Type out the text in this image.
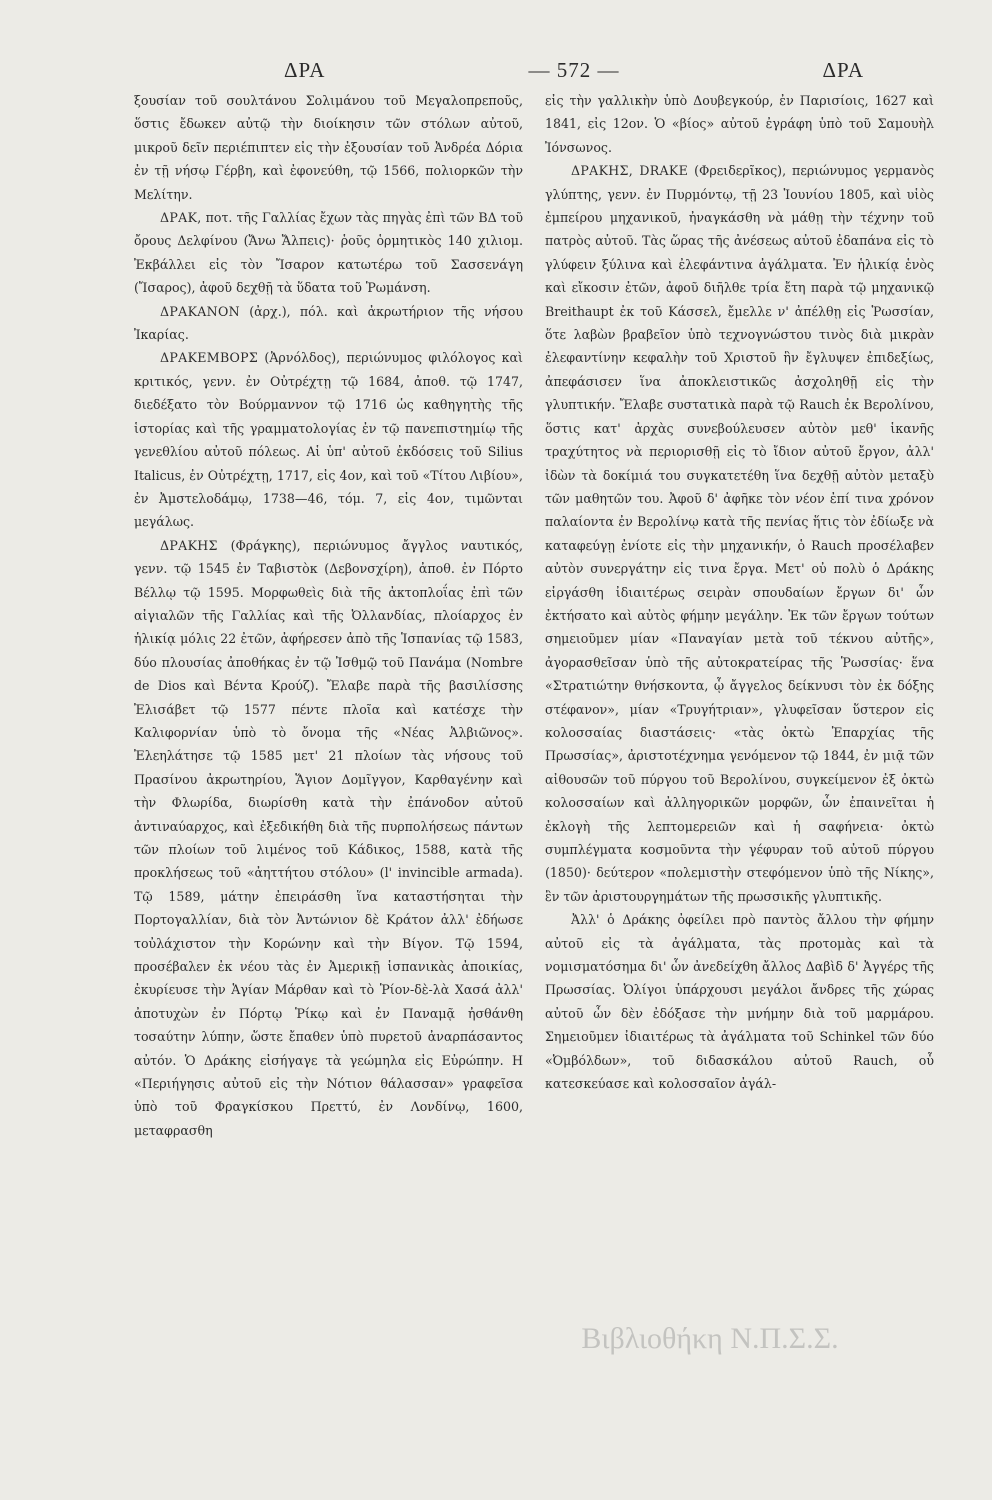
ΔΡΑ	— 572 —	ΔΡΑ

ξουσίαν τοῦ σουλτάνου Σολιμάνου τοῦ Μεγαλοπρεποῦς, ὅστις ἔδωκεν αὐτῷ τὴν διοίκησιν τῶν στόλων αὐτοῦ, μικροῦ δεῖν περιέπιπτεν εἰς τὴν ἐξουσίαν τοῦ Ἀνδρέα Δόρια ἐν τῇ νήσῳ Γέρβη, καὶ ἐφονεύθη, τῷ 1566, πολιορκῶν τὴν Μελίτην.

ΔΡΑΚ, ποτ. τῆς Γαλλίας ἔχων τὰς πηγὰς ἐπὶ τῶν ΒΔ τοῦ ὄρους Δελφίνου (Ἄνω Ἄλπεις)· ῥοῦς ὁρμητικὸς 140 χιλιομ. Ἐκβάλλει εἰς τὸν Ἴσαρον κατωτέρω τοῦ Σασσενάγη (Ἴσαρος), ἀφοῦ δεχθῇ τὰ ὕδατα τοῦ Ῥωμάνση.

ΔΡΑΚΑΝΟΝ (ἀρχ.), πόλ. καὶ ἀκρωτήριον τῆς νήσου Ἰκαρίας.

ΔΡΑΚΕΜΒΟΡΣ (Ἀρνόλδος), περιώνυμος φιλόλογος καὶ κριτικός, γενν. ἐν Οὐτρέχτῃ τῷ 1684, ἀποθ. τῷ 1747, διεδέξατο τὸν Βούρμαννον τῷ 1716 ὡς καθηγητὴς τῆς ἱστορίας καὶ τῆς γραμματολογίας ἐν τῷ πανεπιστημίῳ τῆς γενεθλίου αὐτοῦ πόλεως. Αἱ ὑπ' αὐτοῦ ἐκδόσεις τοῦ Silius Italicus, ἐν Οὐτρέχτῃ, 1717, εἰς 4ον, καὶ τοῦ «Τίτου Λιβίου», ἐν Ἀμστελοδάμῳ, 1738—46, τόμ. 7, εἰς 4ον, τιμῶνται μεγάλως.

ΔΡΑΚΗΣ (Φράγκης), περιώνυμος ἄγγλος ναυτικός, γενν. τῷ 1545 ἐν Ταβιστὸκ (Δεβονσχίρη), ἀποθ. ἐν Πόρτο Βέλλῳ τῷ 1595. Μορφωθεὶς διὰ τῆς ἀκτοπλοΐας ἐπὶ τῶν αἰγιαλῶν τῆς Γαλλίας καὶ τῆς Ὀλλανδίας, πλοίαρχος ἐν ἡλικίᾳ μόλις 22 ἐτῶν, ἀφήρεσεν ἀπὸ τῆς Ἱσπανίας τῷ 1583, δύο πλουσίας ἀποθήκας ἐν τῷ Ἰσθμῷ τοῦ Πανάμα (Nombre de Dios καὶ Βέντα Κρούζ). Ἔλαβε παρὰ τῆς βασιλίσσης Ἐλισάβετ τῷ 1577 πέντε πλοῖα καὶ κατέσχε τὴν Καλιφορνίαν ὑπὸ τὸ ὄνομα τῆς «Νέας Ἀλβιῶνος». Ἐλεηλάτησε τῷ 1585 μετ' 21 πλοίων τὰς νήσους τοῦ Πρασίνου ἀκρωτηρίου, Ἅγιον Δομῖγγον, Καρθαγένην καὶ τὴν Φλωρίδα, διωρίσθη κατὰ τὴν ἐπάνοδον αὐτοῦ ἀντιναύαρχος, καὶ ἐξεδικήθη διὰ τῆς πυρπολήσεως πάντων τῶν πλοίων τοῦ λιμένος τοῦ Κάδικος, 1588, κατὰ τῆς προκλήσεως τοῦ «ἀηττήτου στόλου» (l' invincible armada). Τῷ 1589, μάτην ἐπειράσθη ἵνα καταστήσηται τὴν Πορτογαλλίαν, διὰ τὸν Ἀντώνιον δὲ Κράτον ἀλλ' ἐδήωσε τοὐλάχιστον τὴν Κορώνην καὶ τὴν Βίγον. Τῷ 1594, προσέβαλεν ἐκ νέου τὰς ἐν Ἀμερικῇ ἱσπανικὰς ἀποικίας, ἐκυρίευσε τὴν Ἁγίαν Μάρθαν καὶ τὸ Ῥίον-δὲ-λὰ Χασά ἀλλ' ἀποτυχὼν ἐν Πόρτῳ Ῥίκῳ καὶ ἐν Παναμᾷ ἠσθάνθη τοσαύτην λύπην, ὥστε ἔπαθεν ὑπὸ πυρετοῦ ἀναρπάσαντος αὐτόν. Ὁ Δράκης εἰσήγαγε τὰ γεώμηλα εἰς Εὐρώπην. Η «Περιήγησις αὐτοῦ εἰς τὴν Νότιον θάλασσαν» γραφεῖσα ὑπὸ τοῦ Φραγκίσκου Πρεττύ, ἐν Λονδίνῳ, 1600, μεταφρασθη

εἰς τὴν γαλλικὴν ὑπὸ Δουβεγκούρ, ἐν Παρισίοις, 1627 καὶ 1841, εἰς 12ον. Ὁ «βίος» αὐτοῦ ἐγράφη ὑπὸ τοῦ Σαμουὴλ Ἰόνσωνος.

ΔΡΑΚΗΣ, DRAKE (Φρειδερῖκος), περιώνυμος γερμανὸς γλύπτης, γενν. ἐν Πυρμόντῳ, τῇ 23 Ἰουνίου 1805, καὶ υἱὸς ἐμπείρου μηχανικοῦ, ἠναγκάσθη νὰ μάθῃ τὴν τέχνην τοῦ πατρὸς αὐτοῦ. Τὰς ὥρας τῆς ἀνέσεως αὐτοῦ ἐδαπάνα εἰς τὸ γλύφειν ξύλινα καὶ ἐλεφάντινα ἀγάλματα. Ἐν ἡλικίᾳ ἑνὸς καὶ εἴκοσιν ἐτῶν, ἀφοῦ διῆλθε τρία ἔτη παρὰ τῷ μηχανικῷ Breithaupt ἐκ τοῦ Κάσσελ, ἔμελλε ν' ἀπέλθῃ εἰς Ῥωσσίαν, ὅτε λαβὼν βραβεῖον ὑπὸ τεχνογνώστου τινὸς διὰ μικρὰν ἐλεφαντίνην κεφαλὴν τοῦ Χριστοῦ ἣν ἔγλυψεν ἐπιδεξίως, ἀπεφάσισεν ἵνα ἀποκλειστικῶς ἀσχοληθῇ εἰς τὴν γλυπτικήν. Ἔλαβε συστατικὰ παρὰ τῷ Rauch ἐκ Βερολίνου, ὅστις κατ' ἀρχὰς συνεβούλευσεν αὐτὸν μεθ' ἱκανῆς τραχύτητος νὰ περιορισθῇ εἰς τὸ ἴδιον αὐτοῦ ἔργον, ἀλλ' ἰδὼν τὰ δοκίμιά του συγκατετέθη ἵνα δεχθῇ αὐτὸν μεταξὺ τῶν μαθητῶν του. Ἀφοῦ δ' ἀφῆκε τὸν νέον ἐπί τινα χρόνον παλαίοντα ἐν Βερολίνῳ κατὰ τῆς πενίας ἥτις τὸν ἐδίωξε νὰ καταφεύγῃ ἐνίοτε εἰς τὴν μηχανικήν, ὁ Rauch προσέλαβεν αὐτὸν συνεργάτην εἰς τινα ἔργα. Μετ' οὐ πολὺ ὁ Δράκης εἰργάσθη ἰδιαιτέρως σειρὰν σπουδαίων ἔργων δι' ὧν ἐκτήσατο καὶ αὐτὸς φήμην μεγάλην. Ἐκ τῶν ἔργων τούτων σημειοῦμεν μίαν «Παναγίαν μετὰ τοῦ τέκνου αὐτῆς», ἀγορασθεῖσαν ὑπὸ τῆς αὐτοκρατείρας τῆς Ῥωσσίας· ἕνα «Στρατιώτην θνήσκοντα, ᾧ ἄγγελος δείκνυσι τὸν ἐκ δόξης στέφανον», μίαν «Τρυγήτριαν», γλυφεῖσαν ὕστερον εἰς κολοσσαίας διαστάσεις· «τὰς ὀκτὼ Ἐπαρχίας τῆς Πρωσσίας», ἀριστοτέχνημα γενόμενον τῷ 1844, ἐν μιᾷ τῶν αἰθουσῶν τοῦ πύργου τοῦ Βερολίνου, συγκείμενον ἐξ ὀκτὼ κολοσσαίων καὶ ἀλληγορικῶν μορφῶν, ὧν ἐπαινεῖται ἡ ἐκλογὴ τῆς λεπτομερειῶν καὶ ἡ σαφήνεια· ὀκτὼ συμπλέγματα κοσμοῦντα τὴν γέφυραν τοῦ αὐτοῦ πύργου (1850)· δεύτερον «πολεμιστὴν στεφόμενον ὑπὸ τῆς Νίκης», ἓν τῶν ἀριστουργημάτων τῆς πρωσσικῆς γλυπτικῆς.

Ἀλλ' ὁ Δράκης ὀφείλει πρὸ παντὸς ἄλλου τὴν φήμην αὐτοῦ εἰς τὰ ἀγάλματα, τὰς προτομὰς καὶ τὰ νομισματόσημα δι' ὧν ἀνεδείχθη ἄλλος Δαβὶδ δ' Ἀγγέρς τῆς Πρωσσίας. Ὀλίγοι ὑπάρχουσι μεγάλοι ἄνδρες τῆς χώρας αὐτοῦ ὧν δὲν ἐδόξασε τὴν μνήμην διὰ τοῦ μαρμάρου. Σημειοῦμεν ἰδιαιτέρως τὰ ἀγάλματα τοῦ Schinkel τῶν δύο «Ὀμβόλδων», τοῦ διδασκάλου αὐτοῦ Rauch, οὗ κατεσκεύασε καὶ κολοσσαῖον ἀγάλ-

Βιβλιοθήκη Ν.Π.Σ.Σ.
